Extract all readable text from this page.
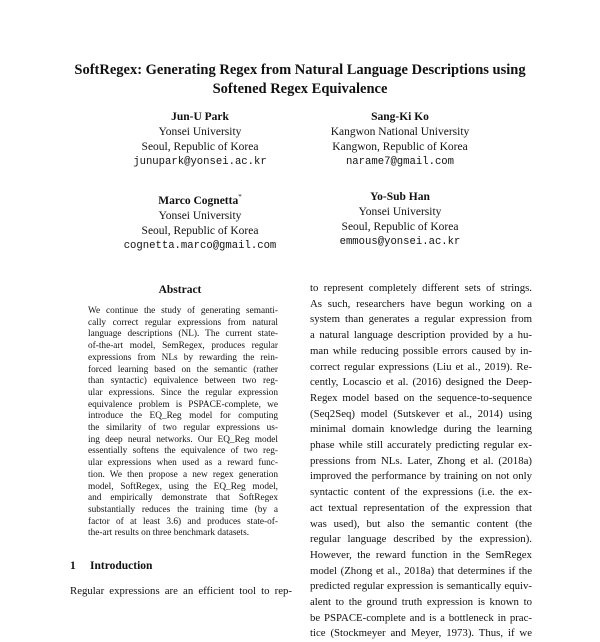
SoftRegex: Generating Regex from Natural Language Descriptions using
Softened Regex Equivalence
Jun-U Park
Yonsei University
Seoul, Republic of Korea
junupark@yonsei.ac.kr
Sang-Ki Ko
Kangwon National University
Kangwon, Republic of Korea
narame7@gmail.com
Marco Cognetta*
Yonsei University
Seoul, Republic of Korea
cognetta.marco@gmail.com
Yo-Sub Han
Yonsei University
Seoul, Republic of Korea
emmous@yonsei.ac.kr
Abstract
We continue the study of generating semanti-
cally correct regular expressions from natural
language descriptions (NL). The current state-
of-the-art model, SemRegex, produces regular
expressions from NLs by rewarding the rein-
forced learning based on the semantic (rather
than syntactic) equivalence between two reg-
ular expressions. Since the regular expression
equivalence problem is PSPACE-complete, we
introduce the EQ_Reg model for computing
the similarity of two regular expressions us-
ing deep neural networks. Our EQ_Reg model
essentially softens the equivalence of two reg-
ular expressions when used as a reward func-
tion. We then propose a new regex generation
model, SoftRegex, using the EQ_Reg model,
and empirically demonstrate that SoftRegex
substantially reduces the training time (by a
factor of at least 3.6) and produces state-of-
the-art results on three benchmark datasets.
1 Introduction
Regular expressions are an efficient tool to rep-
to represent completely different sets of strings.
As such, researchers have begun working on a
system than generates a regular expression from
a natural language description provided by a hu-
man while reducing possible errors caused by in-
correct regular expressions (Liu et al., 2019). Re-
cently, Locascio et al. (2016) designed the Deep-
Regex model based on the sequence-to-sequence
(Seq2Seq) model (Sutskever et al., 2014) using
minimal domain knowledge during the learning
phase while still accurately predicting regular ex-
pressions from NLs. Later, Zhong et al. (2018a)
improved the performance by training on not only
syntactic content of the expressions (i.e. the ex-
act textual representation of the expression that
was used), but also the semantic content (the
regular language described by the expression).
However, the reward function in the SemRegex
model (Zhong et al., 2018a) that determines if the
predicted regular expression is semantically equiv-
alent to the ground truth expression is known to
be PSPACE-complete and is a bottleneck in prac-
tice (Stockmeyer and Meyer, 1973). Thus, if we
